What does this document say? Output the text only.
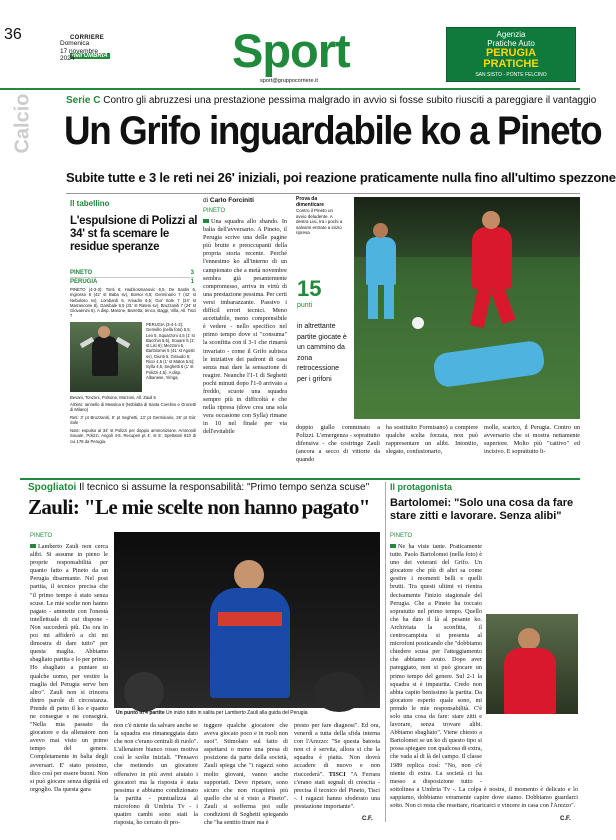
36	CORRIERE dell'UMBRIA
Domenica
17 novembre
2024	Sport
sport@gruppocorriere.it
Agenzia
Pratiche Auto
PERUGIA
PRATICHE
SAN SISTO - PONTE FELCINO
Calcio	Serie C Contro gli abruzzesi una prestazione pessima malgrado in avvio si fosse subito riusciti a pareggiare il vantaggio
Un Grifo inguardabile ko a Pineto
Subite tutte e 3 le reti nei 26' iniziali, poi reazione praticamente nulla fino all'ultimo spezzone
Il tabellino
L'espulsione di Polizzi al 34' st fa scemare le residue speranze
PINETO	3
PERUGIA	1
PINETO (4-3-3): Tonti 6; Hadziosmanovic 6,5, De Santis 6, Ingrosso 6 (42' st Baba sv), Borsoi 6,5; Germinario 7 (42' st Nebuloso sv), Lombardi 6, Amadio 6,5; Gia' Sole 7 (24' st Marrancone 6), Gambale 6,5 (31' st Rateni sv), Bruzzaniti 7 (24' st Giovannini 6). A disp. Marone, Barretta, Ienco, Baggi, Villa, All. Tisci 7
PERUGIA (3-4-1-2): Gemello (nella foto) 5,5; Leo 5, Squarzoni 4,5 (1' st Bacchin 5,5), Souare 6 (1' st Lisi 6); Mezzoni 6, Bartolomei 5 (41' st Agosti sv), Giunti 5, Giraudo 5; Ricci 4,5 (1' st Matos 5,5); Sylla 4,5, Seghetti 6 (1' st Polizzi 4,5). A disp. Albanese, Yimga,
Bevani, Tonzoni, Polsone, Morzoni, All. Zauli 5
Arbitro: Iannello di Messina 6 (Noblatta di Santa Corelino e Grunetti di Milano)
Reti: 3' pt Bruzzaniti, 6' pt Seghetti, 13' pt Germinario, 26' pt Gia' Sole
Note: espulso al 34' st Polizzi per doppio ammonizione. Ammoniti Souare, Polizzi. Angoli 4-5. Recuperi pt 4', st 5'. Spettatori 810 di cui 178 da Perugia.
di Carlo Forciniti
PINETO
Una squadra allo sbando. In balia dell'avversario. A Pineto, il Perugia scrive una delle pagine più brutte e preoccupanti della propria storia recente. Perché l'ennesimo ko all'interno di un campionato che a metà novembre sembra già pesantemente compromesso, arriva in virtù di una prestazione pessima. Per certi versi imbarazzante. Passivo i difficil errori tecnici. Meno accettabile, meno comprensibile è vedere - nello specifico nel primo tempo dove si "consuma" la sconfitta con il 3-1 che rimarrà invariato - come il Grifo subisca le iniziative dei padroni di casa senza mai dare la sensazione di reagire. Neanche l'1-1 di Seghetti pochi minuti dopo l'1-0 arrivato a freddo, scuote una squadra sempre più in difficoltà e che nella ripresa (dove crea una sola vera occasione con Sylla) rimane in 10 nel finale per via dell'evitabile
Prova da dimenticare
Contro il Pineto un avvio deludente. A destra Lisi, tra i pochi a salvarsi entrato a inizio ripresa
15
punti
in altrettante partite giocate è un cammino da zona retrocessione per i grifoni
doppio giallo comminato a Polizzi. L'emergenza - soprattutto difensiva - che costringe Zauli (ancora a secco di vittorie da quando
ha sostituito Formisano) a compiere qualche scelta forzata, non può rappresentare un alibi. Intontito, slegato, confusionario,
molle, scarico, il Perugia. Contro un avversario che si mostra nettamente superiore. Molto più "cattivo" ed incisivo. E soprattutto li-
Spogliatoi Il tecnico si assume la responsabilità: "Primo tempo senza scuse"
Zauli: "Le mie scelte non hanno pagato"
PINETO
Lamberto Zauli non cerca alibi. Si assume in pieno le proprie responsabilità per quanto fatto a Pineto da un Perugia disarmante. Nel post partita, il tecnico precisa che "il primo tempo è stato senza scuse. Le mie scelte non hanno pagato - ammette con l'onestà intellettuale di cui dispone - Non succederà più. Da ora in poi mi affiderò a chi mi dimostra di dare tutto" per questa maglia. Abbiamo sbagliato partita e lo per primo. Ho sbagliato a puntare su qualche uomo, per vestire la maglia del Perugia serve ben altro". Zauli non si trincera dietro parole di circostanza. Prende di petto il ko e quanto ne consegue e ne consegirà. "Nella mia passato da giocatore e da allenatore non avevo mai visto un primo tempo del genere. Completamente in balia degli avversari. E' stato pessimo, dico così per essere buoni. Non si può giocare senza dignità ed orgoglio. Da questa gara
Un punto in 4 partite Un inizio tutto in salita per Lamberto Zauli alla guida del Perugia
non c'è niente da salvare anche se la squadra era rimaneggiata dato che non c'erano centrali di ruolo". L'allenatore bianco rosso motiva così le scelte iniziali. "Pensavo che mettendo un giocatore offensivo in più avrei aiutato i giocatori ma la risposta è stata pessima e abbiamo condizionato la partita - puntualizza al microfono di Umbria Tv - i quattro cambi sono stati la risposta, ho cercato di pro-
teggere qualche giocatore che aveva giocato poco e in ruoli non suoi". Stimolato sul fatto di aspettarsi o meno una presa di posizione da parte della società, Zauli spiega che "i ragazzi sono molto giovani, vanno anche supportati. Devo ripetare, sono sicuro che non ricapiterà più quello che si è visto a Pineto". Zauli si sofferma poi sulle condizioni di Seghetti spiegando che "ha sentito tirare ma è
presto per fare diagnosi". Ed ora, venerdì a tutta della sfida interna con l'Arezzo: "Se questa batosta non ci è servita, allora si che la squadra è piatta. Non dovrà accadere di nuovo e non riuccederà". TISCI "A Ferrara c'erano stati segnali di crescita - precisa il tecnico del Pineto, Tisci -. I ragazzi hanno sfoderato una prestazione importante".
C.F.
Il protagonista
Bartolomei: "Solo una cosa da fare stare zitti e lavorare. Senza alibi"
PINETO
Ne ha viste tante. Praticamente tutte. Paolo Bartolomei (nella foto) è uno dei veterani del Grifo. Un giocatore che più di altri sa come gestire i momenti belli e quelli brutti. Tra questi ultimi vi rientra decisamente l'inizio stagionale del Perugia. Che a Pineto ha toccato sopratutto nel primo tempo. Quello che ha dato il là al pesante ko. Archiviata la sconfitta, il centrocampista si presenta al microfoni posticando che "dobbiamo chiedere scusa per l'atteggiamento che abbiamo avuto. Dopo aver pareggiato, non si può giocare un primo tempo del genere. Sul 2-1 la squadra si è impaurita. Credo non abbia capito benissimo la partita. Da giocatore esperto quale sono, mi prendo le mie responsabilità. C'è solo una cosa da fare: stare zitti e lavorare, senza trovare alibi. Abbiamo sbagliato". Viene chiesto a Bartolomei se un ko di questo tipo si possa spiegare con qualcosa di extra, che vada al di là del campo. Il classe 1989 replica così: "No, non c'è niente di extra. La società ci ha messo a disposizione tutto - sottolinea a Umbria Tv -. La colpa è nostra, il momento è delicato e lo sappiamo, dobbiamo veramente capire dove siamo. Dobbiamo guardarci sotto. Non ci resta che resettare, ricaricarci e vincere in casa con l'Arezzo".
C.F.
